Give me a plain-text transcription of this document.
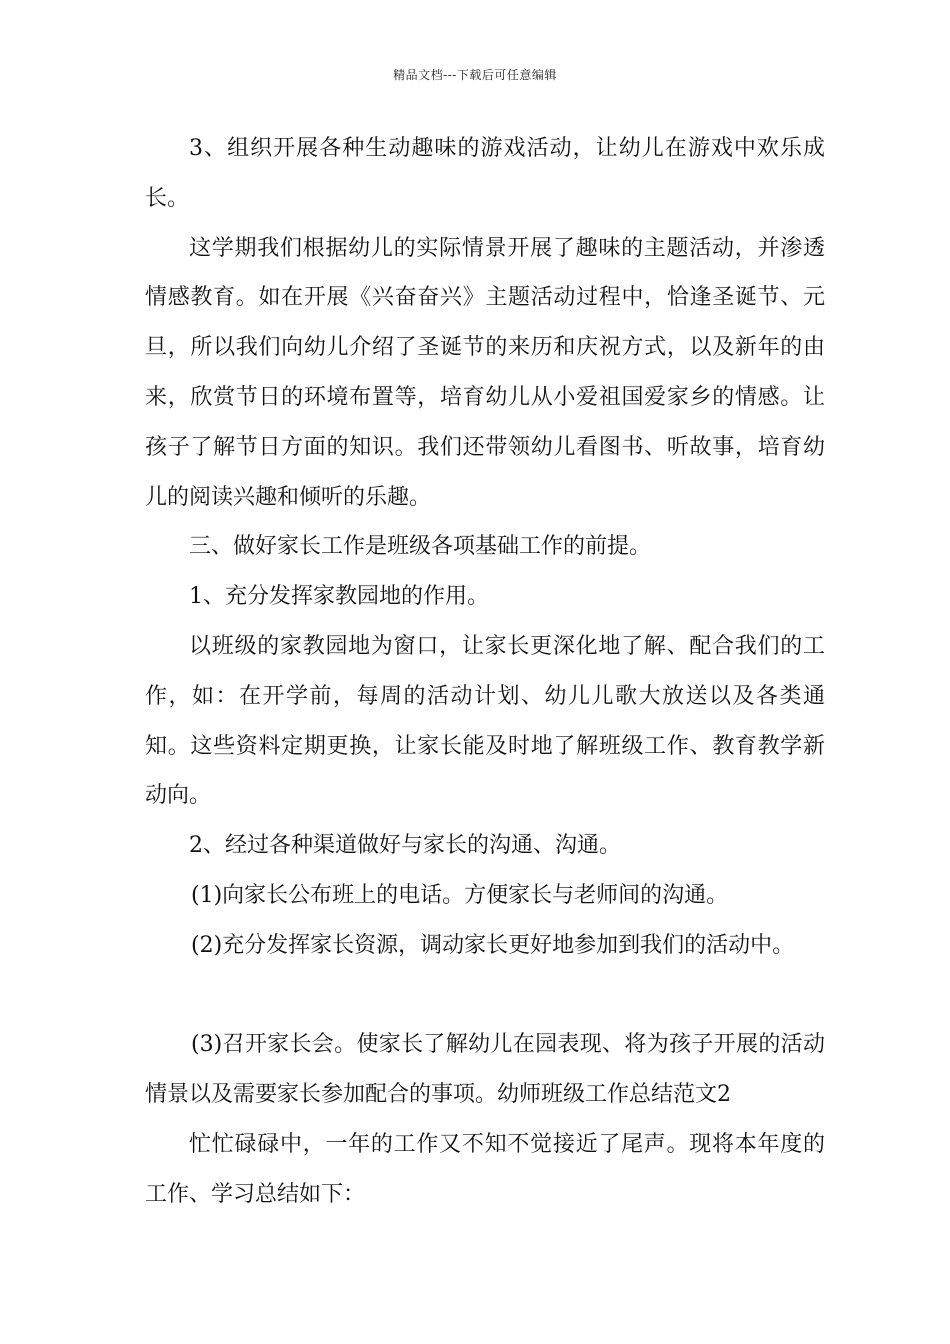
精品文档---下载后可任意编辑

3、组织开展各种生动趣味的游戏活动，让幼儿在游戏中欢乐成长。

这学期我们根据幼儿的实际情景开展了趣味的主题活动，并渗透情感教育。如在开展《兴奋奋兴》主题活动过程中，恰逢圣诞节、元旦，所以我们向幼儿介绍了圣诞节的来历和庆祝方式，以及新年的由来，欣赏节日的环境布置等，培育幼儿从小爱祖国爱家乡的情感。让孩子了解节日方面的知识。我们还带领幼儿看图书、听故事，培育幼儿的阅读兴趣和倾听的乐趣。

三、做好家长工作是班级各项基础工作的前提。

1、充分发挥家教园地的作用。

以班级的家教园地为窗口，让家长更深化地了解、配合我们的工作，如：在开学前，每周的活动计划、幼儿儿歌大放送以及各类通知。这些资料定期更换，让家长能及时地了解班级工作、教育教学新动向。

2、经过各种渠道做好与家长的沟通、沟通。

(1)向家长公布班上的电话。方便家长与老师间的沟通。

(2)充分发挥家长资源，调动家长更好地参加到我们的活动中。

(3)召开家长会。使家长了解幼儿在园表现、将为孩子开展的活动情景以及需要家长参加配合的事项。幼师班级工作总结范文2

忙忙碌碌中，一年的工作又不知不觉接近了尾声。现将本年度的工作、学习总结如下：
